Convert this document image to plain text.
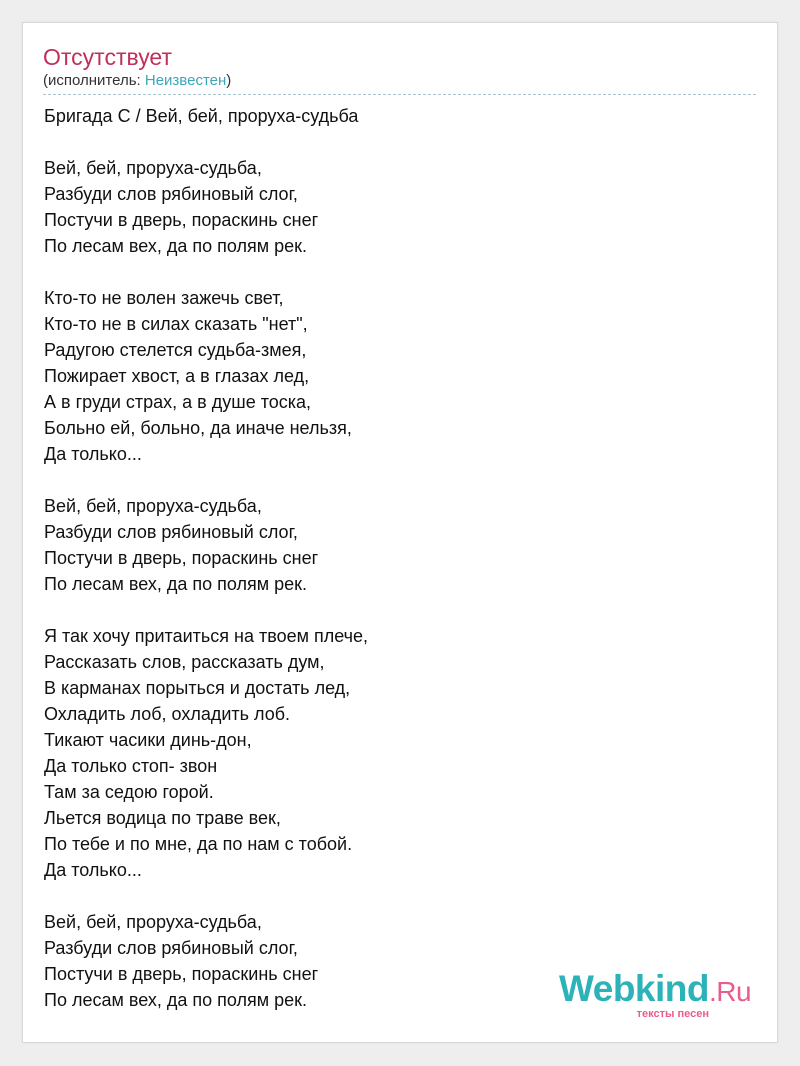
Отсутствует
(исполнитель: Неизвестен)
Бригада С / Вей, бей, проруха-судьба
Вей, бей, проруха-судьба,
Разбуди слов рябиновый слог,
Постучи в дверь, пораскинь снег
По лесам вех, да по полям рек.
Кто-то не волен зажечь свет,
Кто-то не в силах сказать "нет",
Радугою стелется судьба-змея,
Пожирает хвост, а в глазах лед,
А в груди страх, а в душе тоска,
Больно ей, больно, да иначе нельзя,
Да только...
Вей, бей, проруха-судьба,
Разбуди слов рябиновый слог,
Постучи в дверь, пораскинь снег
По лесам вех, да по полям рек.
Я так хочу притаиться на твоем плече,
Рассказать слов, рассказать дум,
В карманах порыться и достать лед,
Охладить лоб, охладить лоб.
Тикают часики динь-дон,
Да только стоп- звон
Там за седою горой.
Льется водица по траве век,
По тебе и по мне, да по нам с тобой.
Да только...
Вей, бей, проруха-судьба,
Разбуди слов рябиновый слог,
Постучи в дверь, пораскинь снег
По лесам вех, да по полям рек.	Webkind.Ru
тексты песен
